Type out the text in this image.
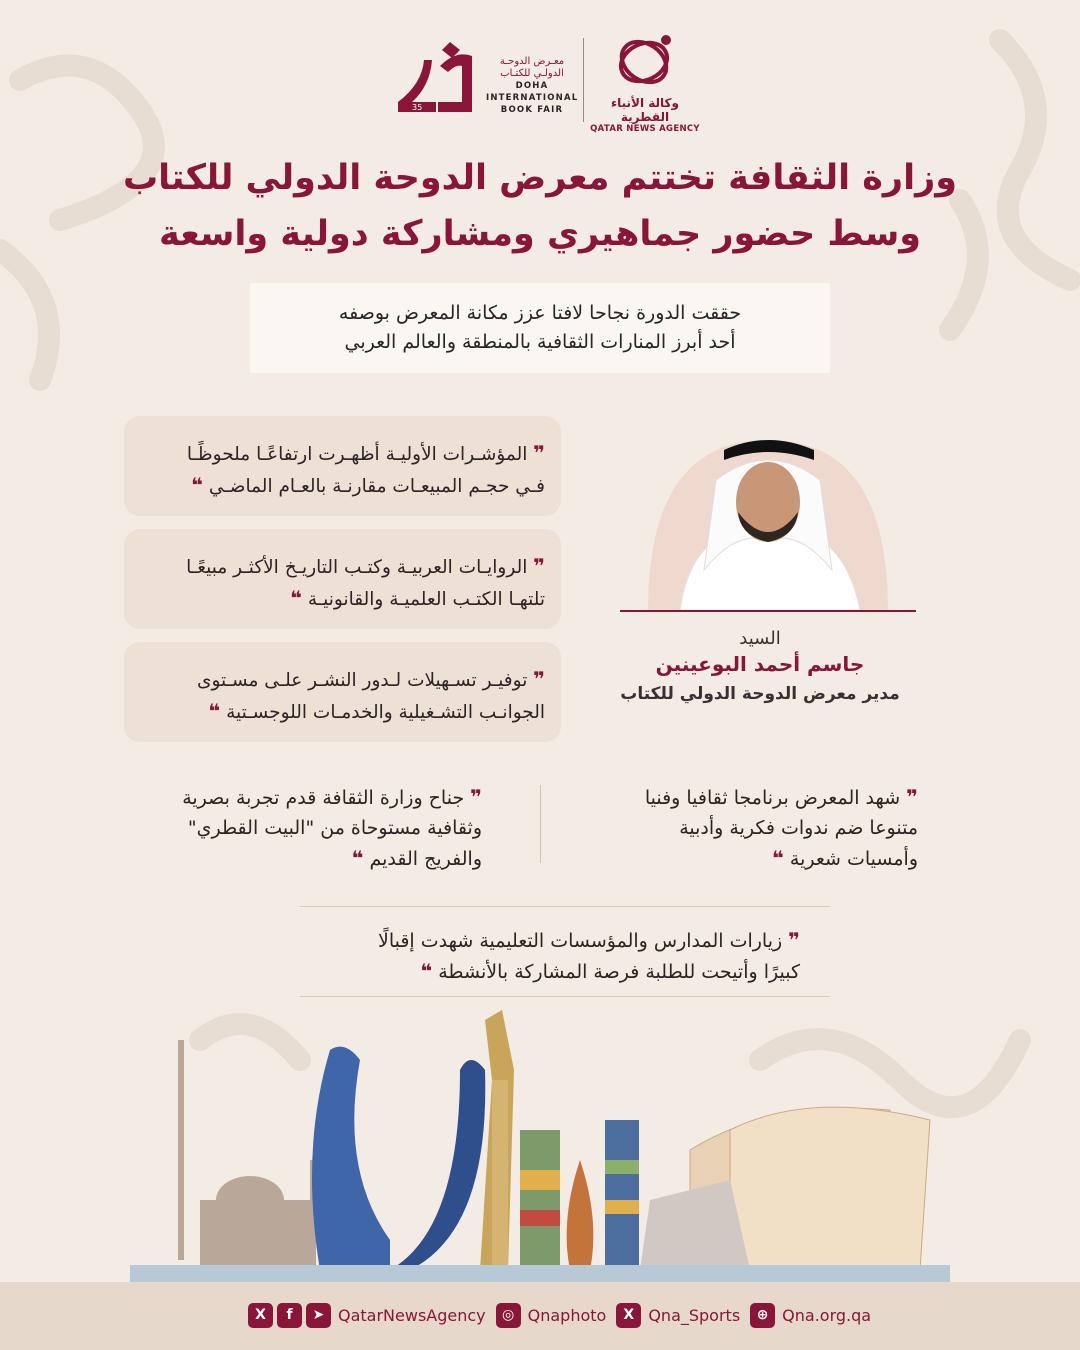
35
معـرض الدوحـة
الدولـي للكتـاب
DOHA
INTERNATIONAL
BOOK FAIR	وكالة الأنباء القطرية
QATAR NEWS AGENCY
وزارة الثقافة تختتم معرض الدوحة الدولي للكتاب
وسط حضور جماهيري ومشاركة دولية واسعة
حققت الدورة نجاحا لافتا عزز مكانة المعرض بوصفه
أحد أبرز المنارات الثقافية بالمنطقة والعالم العربي
❞ المؤشـرات الأوليـة أظهـرت ارتفاعًـا ملحوظًـا
فـي حجـم المبيعـات مقارنـة بالعـام الماضـي ❝
❞ الروايـات العربيـة وكتـب التاريـخ الأكثـر مبيعًـا
تلتهـا الكتـب العلميـة والقانونيـة ❝
❞ توفيـر تسـهيلات لـدور النشـر علـى مسـتوى
الجوانـب التشـغيلية والخدمـات اللوجسـتية ❝
السيد
جاسم أحمد البوعينين
مدير معرض الدوحة الدولي للكتاب
❞ شهد المعرض برنامجا ثقافيا وفنيا
متنوعا ضم ندوات فكرية وأدبية
وأمسيات شعرية ❝
❞ جناح وزارة الثقافة قدم تجربة بصرية
وثقافية مستوحاة من "البيت القطري"
والفريج القديم ❝
❞ زيارات المدارس والمؤسسات التعليمية شهدت إقبالًا
كبيرًا وأتيحت للطلبة فرصة المشاركة بالأنشطة ❝
X	f	➤ QatarNewsAgency	◎ Qnaphoto	X Qna_Sports	⊕ Qna.org.qa
